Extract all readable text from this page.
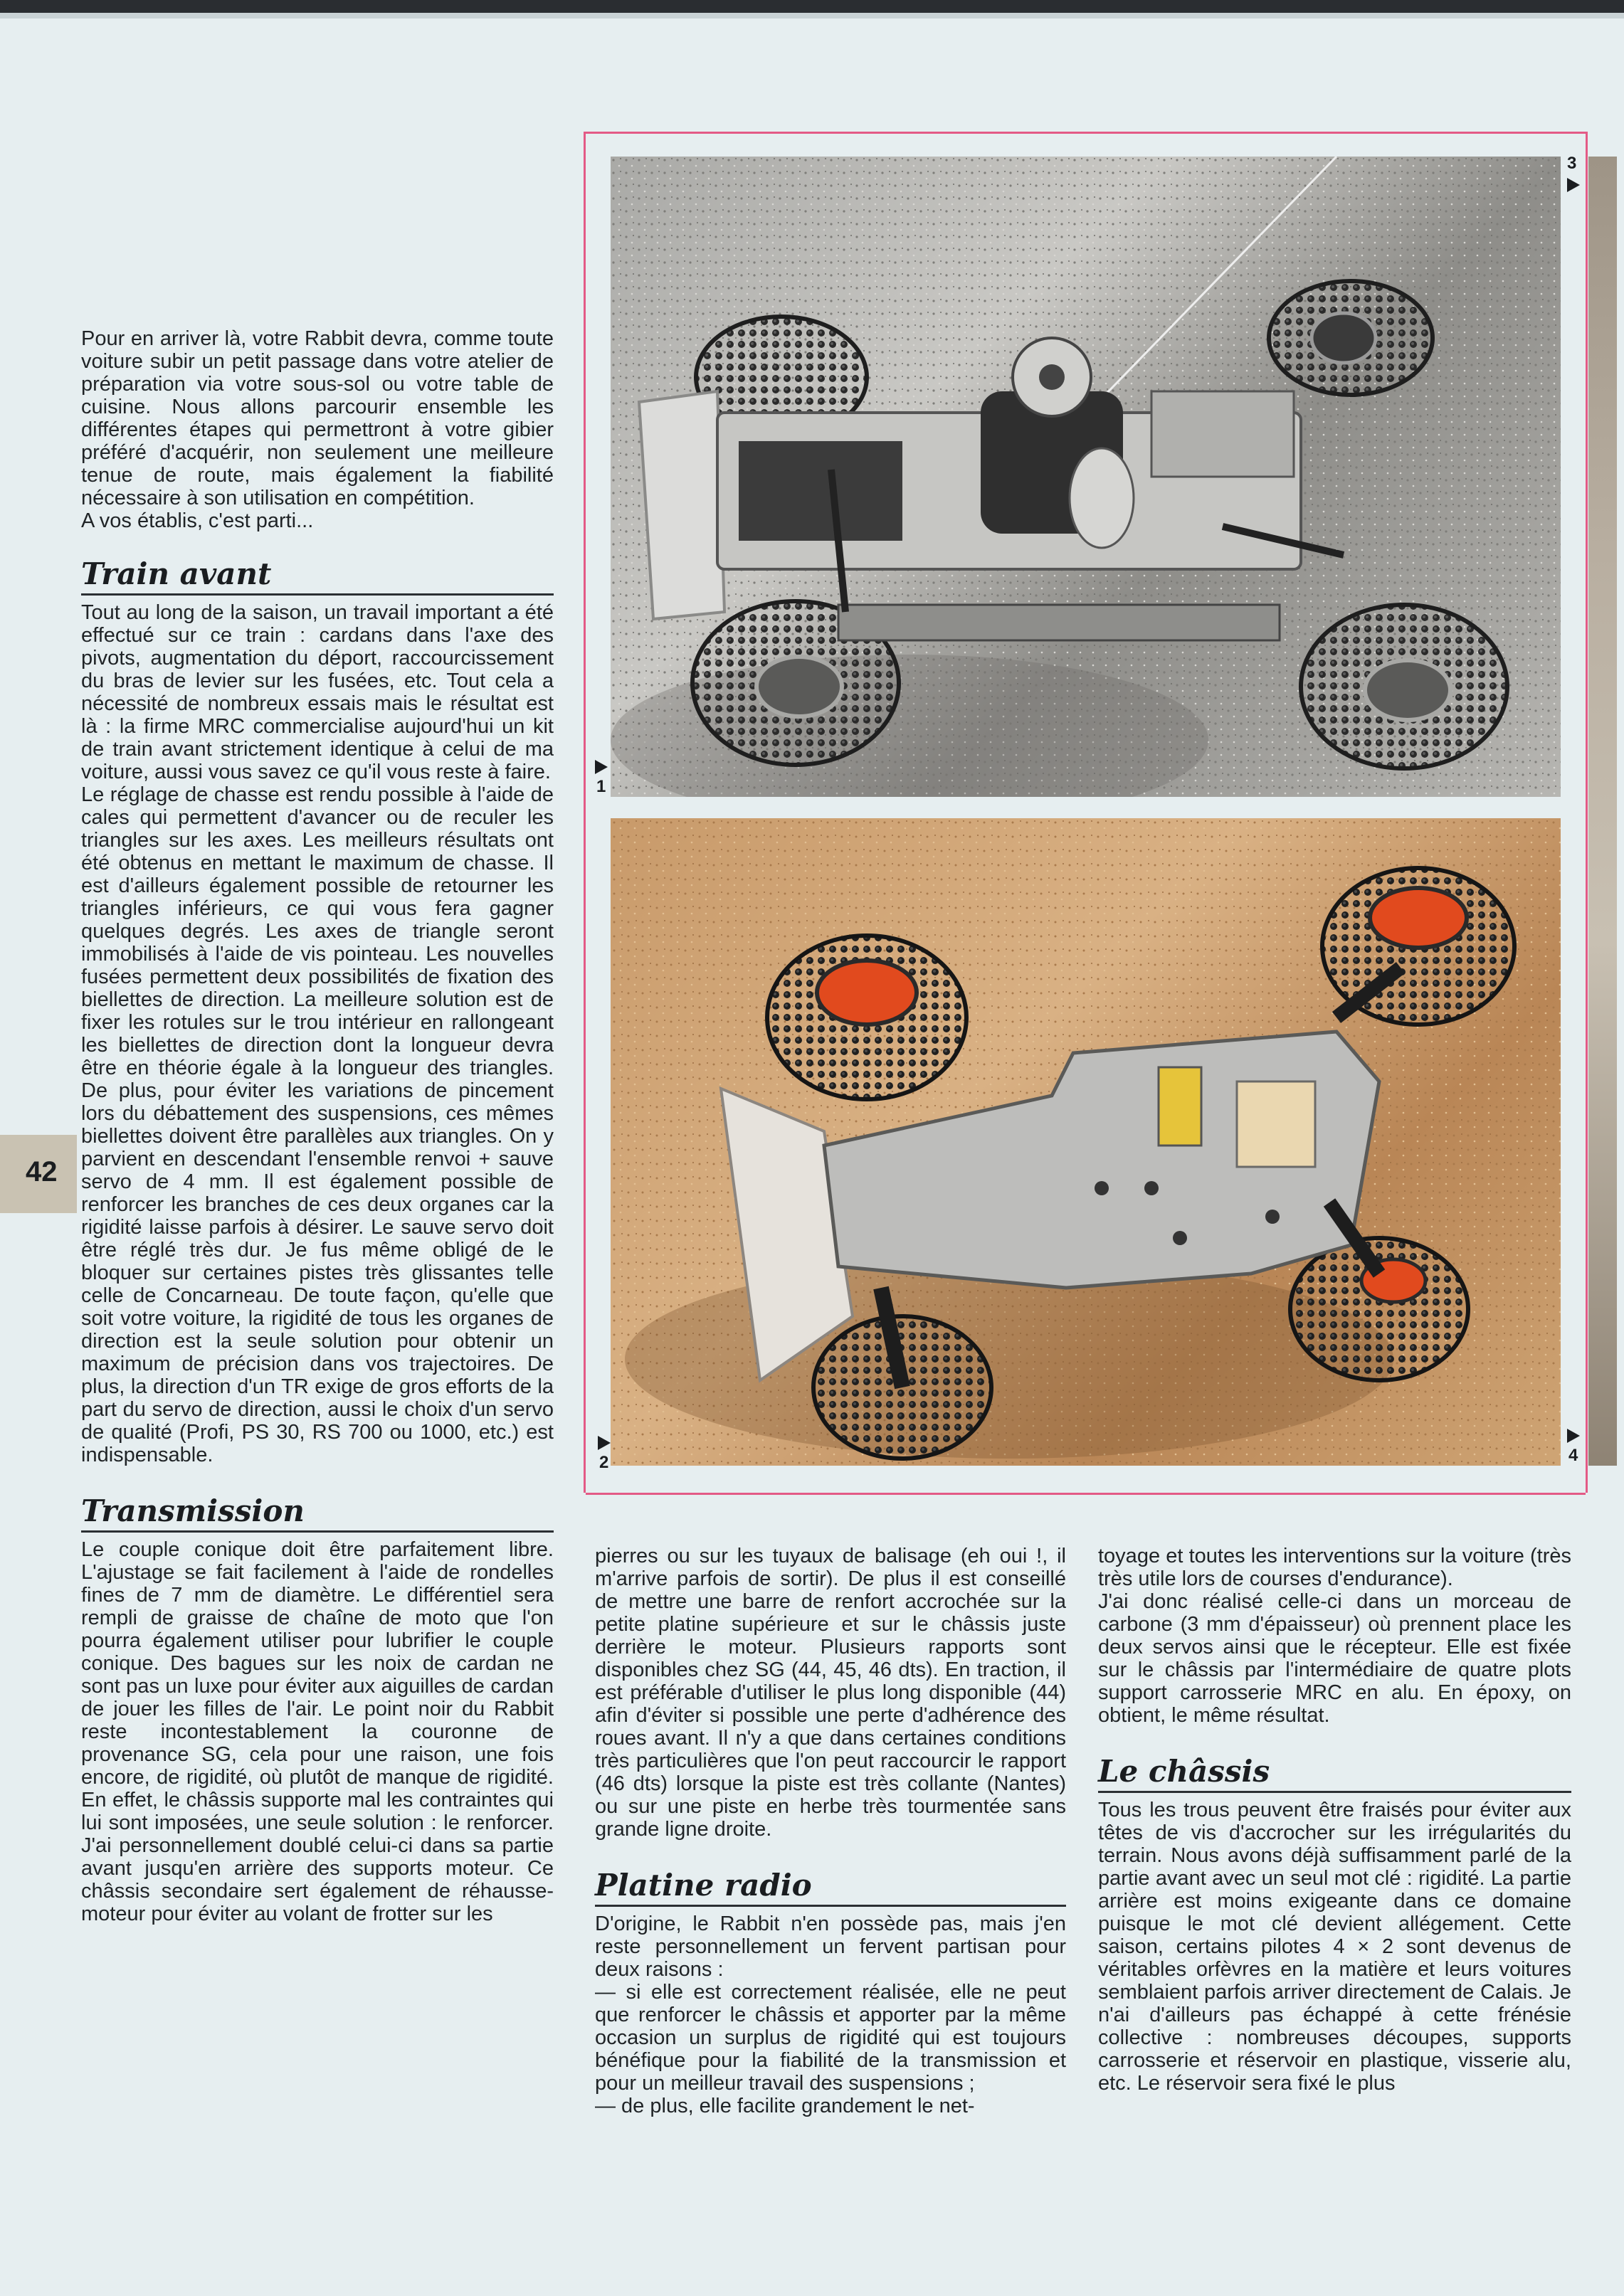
3
1
2	4
42

Pour en arriver là, votre Rabbit devra, comme toute voiture subir un petit passage dans votre atelier de préparation via votre sous-sol ou votre table de cuisine. Nous allons parcourir ensemble les différentes étapes qui permettront à votre gibier préféré d'acquérir, non seulement une meilleure tenue de route, mais également la fiabilité nécessaire à son utilisation en compétition.

A vos établis, c'est parti...

Train avant

Tout au long de la saison, un travail important a été effectué sur ce train : cardans dans l'axe des pivots, augmentation du déport, raccourcissement du bras de levier sur les fusées, etc. Tout cela a nécessité de nombreux essais mais le résultat est là : la firme MRC commercialise aujourd'hui un kit de train avant strictement identique à celui de ma voiture, aussi vous savez ce qu'il vous reste à faire.

Le réglage de chasse est rendu possible à l'aide de cales qui permettent d'avancer ou de reculer les triangles sur les axes. Les meilleurs résultats ont été obtenus en mettant le maximum de chasse. Il est d'ailleurs également possible de retourner les triangles inférieurs, ce qui vous fera gagner quelques degrés. Les axes de triangle seront immobilisés à l'aide de vis pointeau. Les nouvelles fusées permettent deux possibilités de fixation des biellettes de direction. La meilleure solution est de fixer les rotules sur le trou intérieur en rallongeant les biellettes de direction dont la longueur devra être en théorie égale à la longueur des triangles. De plus, pour éviter les variations de pincement lors du débattement des suspensions, ces mêmes biellettes doivent être parallèles aux triangles. On y parvient en descendant l'ensemble renvoi + sauve servo de 4 mm. Il est également possible de renforcer les branches de ces deux organes car la rigidité laisse parfois à désirer. Le sauve servo doit être réglé très dur. Je fus même obligé de le bloquer sur certaines pistes très glissantes telle celle de Concarneau. De toute façon, qu'elle que soit votre voiture, la rigidité de tous les organes de direction est la seule solution pour obtenir un maximum de précision dans vos trajectoires. De plus, la direction d'un TR exige de gros efforts de la part du servo de direction, aussi le choix d'un servo de qualité (Profi, PS 30, RS 700 ou 1000, etc.) est indispensable.

Transmission

Le couple conique doit être parfaitement libre. L'ajustage se fait facilement à l'aide de rondelles fines de 7 mm de diamètre. Le différentiel sera rempli de graisse de chaîne de moto que l'on pourra également utiliser pour lubrifier le couple conique. Des bagues sur les noix de cardan ne sont pas un luxe pour éviter aux aiguilles de cardan de jouer les filles de l'air. Le point noir du Rabbit reste incontestablement la couronne de provenance SG, cela pour une raison, une fois encore, de rigidité, où plutôt de manque de rigidité. En effet, le châssis supporte mal les contraintes qui lui sont imposées, une seule solution : le renforcer. J'ai personnellement doublé celui-ci dans sa partie avant jusqu'en arrière des supports moteur. Ce châssis secondaire sert également de réhausse-moteur pour éviter au volant de frotter sur les

pierres ou sur les tuyaux de balisage (eh oui !, il m'arrive parfois de sortir). De plus il est conseillé de mettre une barre de renfort accrochée sur la petite platine supérieure et sur le châssis juste derrière le moteur. Plusieurs rapports sont disponibles chez SG (44, 45, 46 dts). En traction, il est préférable d'utiliser le plus long disponible (44) afin d'éviter si possible une perte d'adhérence des roues avant. Il n'y a que dans certaines conditions très particulières que l'on peut raccourcir le rapport (46 dts) lorsque la piste est très collante (Nantes) ou sur une piste en herbe très tourmentée sans grande ligne droite.

Platine radio

D'origine, le Rabbit n'en possède pas, mais j'en reste personnellement un fervent partisan pour deux raisons :

— si elle est correctement réalisée, elle ne peut que renforcer le châssis et apporter par la même occasion un surplus de rigidité qui est toujours bénéfique pour la fiabilité de la transmission et pour un meilleur travail des suspensions ;

— de plus, elle facilite grandement le net-

toyage et toutes les interventions sur la voiture (très très utile lors de courses d'endurance).

J'ai donc réalisé celle-ci dans un morceau de carbone (3 mm d'épaisseur) où prennent place les deux servos ainsi que le récepteur. Elle est fixée sur le châssis par l'intermédiaire de quatre plots support carrosserie MRC en alu. En époxy, on obtient, le même résultat.

Le châssis

Tous les trous peuvent être fraisés pour éviter aux têtes de vis d'accrocher sur les irrégularités du terrain. Nous avons déjà suffisamment parlé de la partie avant avec un seul mot clé : rigidité. La partie arrière est moins exigeante dans ce domaine puisque le mot clé devient allégement. Cette saison, certains pilotes 4 × 2 sont devenus de véritables orfèvres en la matière et leurs voitures semblaient parfois arriver directement de Calais. Je n'ai d'ailleurs pas échappé à cette frénésie collective : nombreuses découpes, supports carrosserie et réservoir en plastique, visserie alu, etc. Le réservoir sera fixé le plus
